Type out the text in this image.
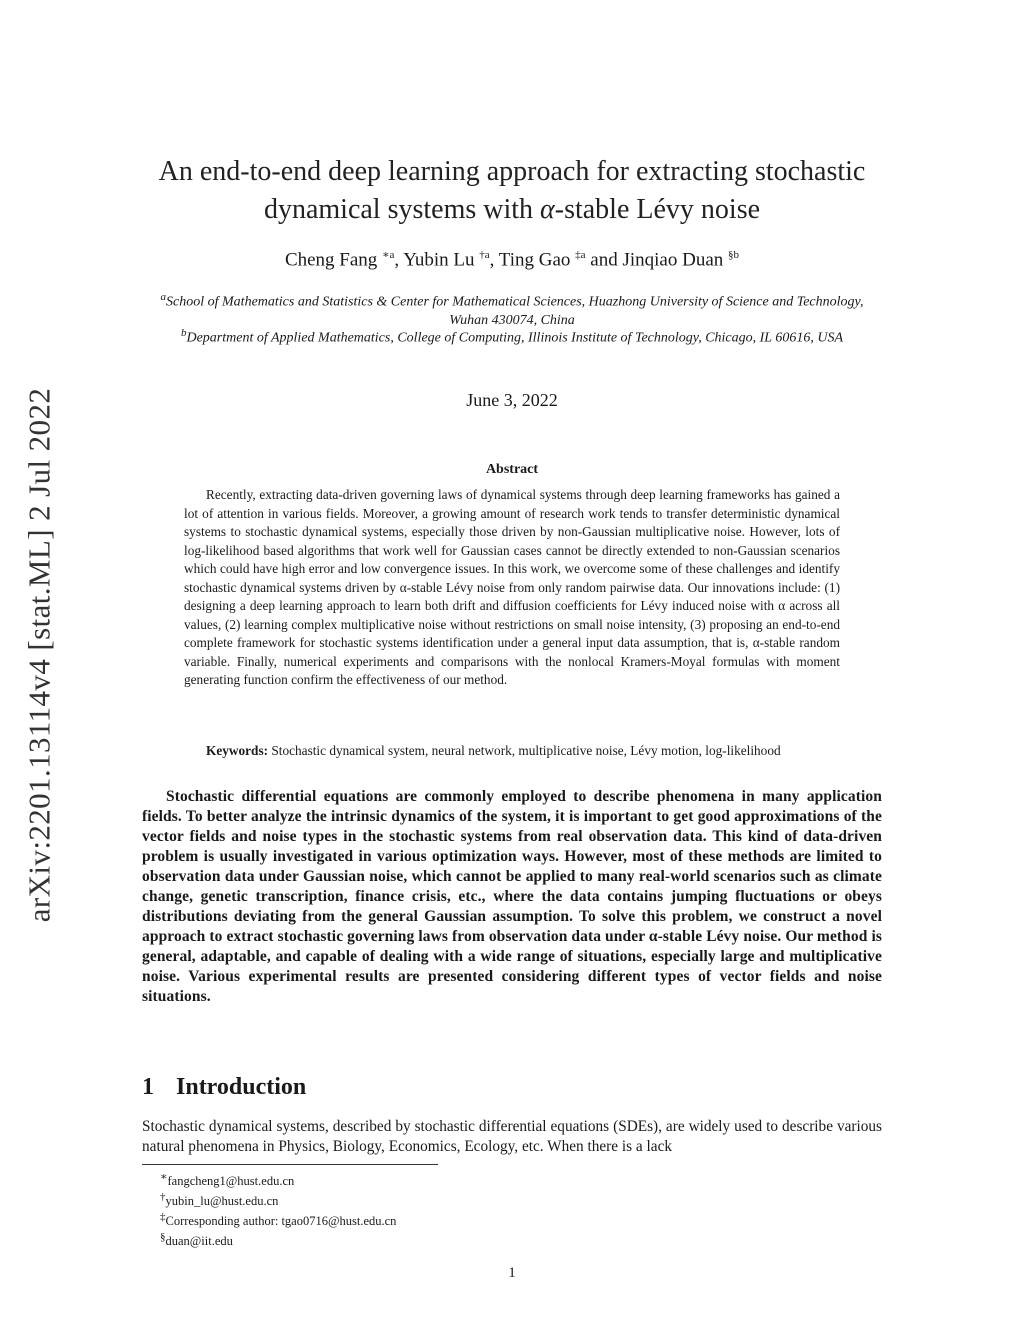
arXiv:2201.13114v4 [stat.ML] 2 Jul 2022
An end-to-end deep learning approach for extracting stochastic
dynamical systems with α-stable Lévy noise
Cheng Fang $^{∗a}$, Yubin Lu $^{\dagger a}$, Ting Gao $^{\ddagger a}$ and Jinqiao Duan $^{\S b}$
$^a$School of Mathematics and Statistics & Center for Mathematical Sciences, Huazhong University of Science and Technology, Wuhan 430074, China
$^b$Department of Applied Mathematics, College of Computing, Illinois Institute of Technology, Chicago, IL 60616, USA
June 3, 2022
Abstract
Recently, extracting data-driven governing laws of dynamical systems through deep learning frameworks has gained a lot of attention in various fields. Moreover, a growing amount of research work tends to transfer deterministic dynamical systems to stochastic dynamical systems, especially those driven by non-Gaussian multiplicative noise. However, lots of log-likelihood based algorithms that work well for Gaussian cases cannot be directly extended to non-Gaussian scenarios which could have high error and low convergence issues. In this work, we overcome some of these challenges and identify stochastic dynamical systems driven by α-stable Lévy noise from only random pairwise data. Our innovations include: (1) designing a deep learning approach to learn both drift and diffusion coefficients for Lévy induced noise with α across all values, (2) learning complex multiplicative noise without restrictions on small noise intensity, (3) proposing an end-to-end complete framework for stochastic systems identification under a general input data assumption, that is, α-stable random variable. Finally, numerical experiments and comparisons with the nonlocal Kramers-Moyal formulas with moment generating function confirm the effectiveness of our method.
Keywords: Stochastic dynamical system, neural network, multiplicative noise, Lévy motion, log-likelihood
Stochastic differential equations are commonly employed to describe phenomena in many application fields. To better analyze the intrinsic dynamics of the system, it is important to get good approximations of the vector fields and noise types in the stochastic systems from real observation data. This kind of data-driven problem is usually investigated in various optimization ways. However, most of these methods are limited to observation data under Gaussian noise, which cannot be applied to many real-world scenarios such as climate change, genetic transcription, finance crisis, etc., where the data contains jumping fluctuations or obeys distributions deviating from the general Gaussian assumption. To solve this problem, we construct a novel approach to extract stochastic governing laws from observation data under α-stable Lévy noise. Our method is general, adaptable, and capable of dealing with a wide range of situations, especially large and multiplicative noise. Various experimental results are presented considering different types of vector fields and noise situations.
1 Introduction
Stochastic dynamical systems, described by stochastic differential equations (SDEs), are widely used to describe various natural phenomena in Physics, Biology, Economics, Ecology, etc. When there is a lack
∗fangcheng1@hust.edu.cn
†yubin_lu@hust.edu.cn
‡Corresponding author: tgao0716@hust.edu.cn
§duan@iit.edu
1
